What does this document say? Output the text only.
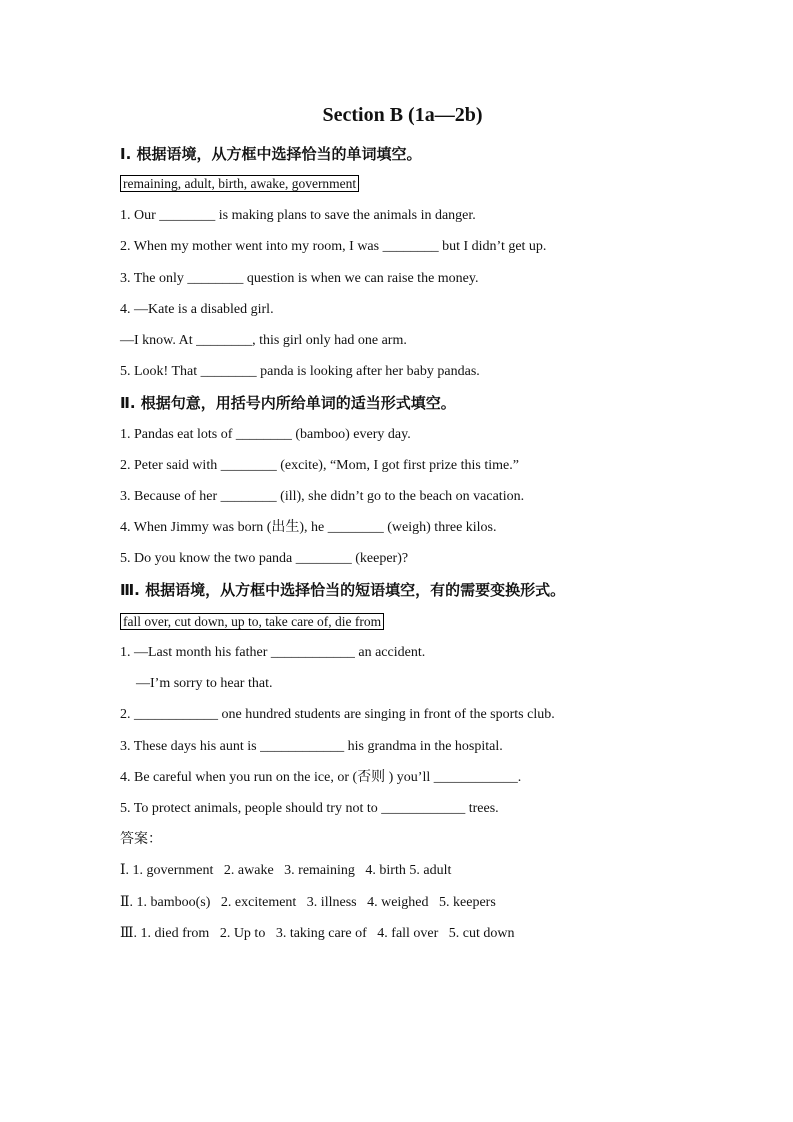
Section B (1a—2b)
Ⅰ. 根据语境，从方框中选择恰当的单词填空。
remaining, adult, birth, awake, government
1. Our ________ is making plans to save the animals in danger.
2. When my mother went into my room, I was ________ but I didn’t get up.
3. The only ________ question is when we can raise the money.
4. —Kate is a disabled girl.
—I know. At ________, this girl only had one arm.
5. Look! That ________ panda is looking after her baby pandas.
Ⅱ. 根据句意，用括号内所给单词的适当形式填空。
1. Pandas eat lots of ________ (bamboo) every day.
2. Peter said with ________ (excite), “Mom, I got first prize this time.”
3. Because of her ________ (ill), she didn’t go to the beach on vacation.
4. When Jimmy was born (出生), he ________ (weigh) three kilos.
5. Do you know the two panda ________ (keeper)?
Ⅲ. 根据语境，从方框中选择恰当的短语填空，有的需要变换形式。
fall over, cut down, up to, take care of, die from
1. —Last month his father ____________ an accident.
—I’m sorry to hear that.
2. ____________ one hundred students are singing in front of the sports club.
3. These days his aunt is ____________ his grandma in the hospital.
4. Be careful when you run on the ice, or (否则 ) you’ll ____________.
5. To protect animals, people should try not to ____________ trees.
答案：
Ⅰ. 1. government   2. awake   3. remaining   4. birth 5. adult
Ⅱ. 1. bamboo(s)   2. excitement   3. illness   4. weighed   5. keepers
Ⅲ. 1. died from   2. Up to   3. taking care of   4. fall over   5. cut down
